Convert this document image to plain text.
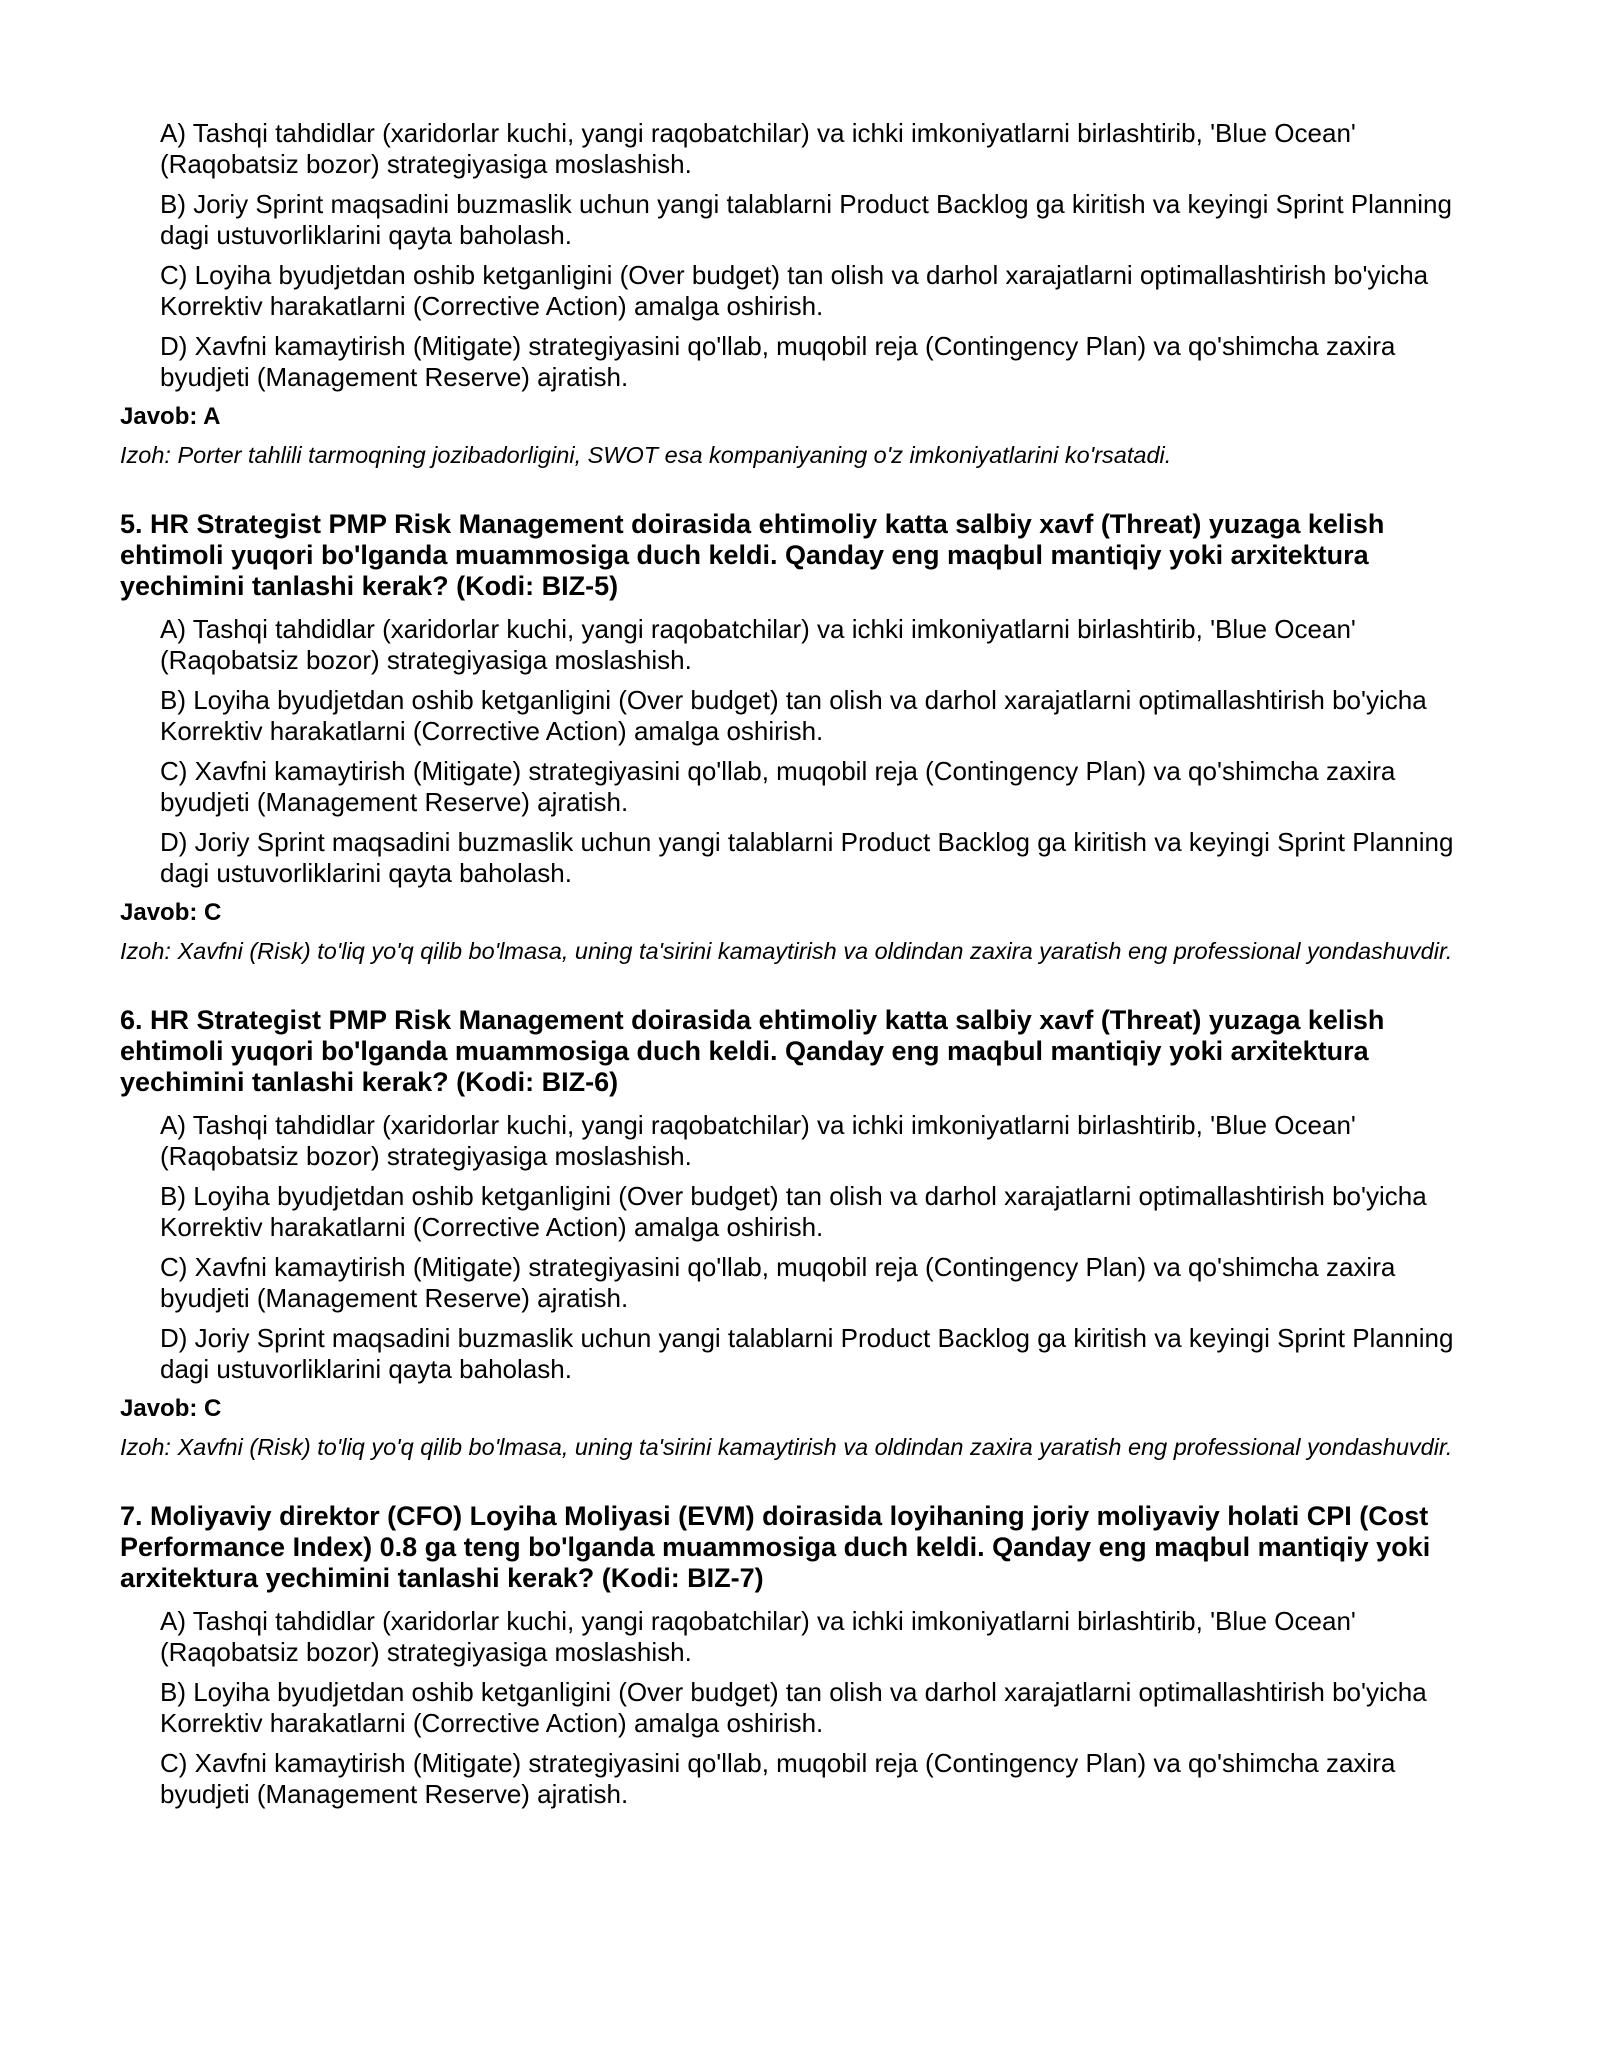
A) Tashqi tahdidlar (xaridorlar kuchi, yangi raqobatchilar) va ichki imkoniyatlarni birlashtirib, 'Blue Ocean' (Raqobatsiz bozor) strategiyasiga moslashish.

B) Joriy Sprint maqsadini buzmaslik uchun yangi talablarni Product Backlog ga kiritish va keyingi Sprint Planning dagi ustuvorliklarini qayta baholash.

C) Loyiha byudjetdan oshib ketganligini (Over budget) tan olish va darhol xarajatlarni optimallashtirish bo'yicha Korrektiv harakatlarni (Corrective Action) amalga oshirish.

D) Xavfni kamaytirish (Mitigate) strategiyasini qo'llab, muqobil reja (Contingency Plan) va qo'shimcha zaxira byudjeti (Management Reserve) ajratish.

Javob: A

Izoh: Porter tahlili tarmoqning jozibadorligini, SWOT esa kompaniyaning o'z imkoniyatlarini ko'rsatadi.

5. HR Strategist PMP Risk Management doirasida ehtimoliy katta salbiy xavf (Threat) yuzaga kelish ehtimoli yuqori bo'lganda muammosiga duch keldi. Qanday eng maqbul mantiqiy yoki arxitektura yechimini tanlashi kerak? (Kodi: BIZ-5)

A) Tashqi tahdidlar (xaridorlar kuchi, yangi raqobatchilar) va ichki imkoniyatlarni birlashtirib, 'Blue Ocean' (Raqobatsiz bozor) strategiyasiga moslashish.

B) Loyiha byudjetdan oshib ketganligini (Over budget) tan olish va darhol xarajatlarni optimallashtirish bo'yicha Korrektiv harakatlarni (Corrective Action) amalga oshirish.

C) Xavfni kamaytirish (Mitigate) strategiyasini qo'llab, muqobil reja (Contingency Plan) va qo'shimcha zaxira byudjeti (Management Reserve) ajratish.

D) Joriy Sprint maqsadini buzmaslik uchun yangi talablarni Product Backlog ga kiritish va keyingi Sprint Planning dagi ustuvorliklarini qayta baholash.

Javob: C

Izoh: Xavfni (Risk) to'liq yo'q qilib bo'lmasa, uning ta'sirini kamaytirish va oldindan zaxira yaratish eng professional yondashuvdir.

6. HR Strategist PMP Risk Management doirasida ehtimoliy katta salbiy xavf (Threat) yuzaga kelish ehtimoli yuqori bo'lganda muammosiga duch keldi. Qanday eng maqbul mantiqiy yoki arxitektura yechimini tanlashi kerak? (Kodi: BIZ-6)

A) Tashqi tahdidlar (xaridorlar kuchi, yangi raqobatchilar) va ichki imkoniyatlarni birlashtirib, 'Blue Ocean' (Raqobatsiz bozor) strategiyasiga moslashish.

B) Loyiha byudjetdan oshib ketganligini (Over budget) tan olish va darhol xarajatlarni optimallashtirish bo'yicha Korrektiv harakatlarni (Corrective Action) amalga oshirish.

C) Xavfni kamaytirish (Mitigate) strategiyasini qo'llab, muqobil reja (Contingency Plan) va qo'shimcha zaxira byudjeti (Management Reserve) ajratish.

D) Joriy Sprint maqsadini buzmaslik uchun yangi talablarni Product Backlog ga kiritish va keyingi Sprint Planning dagi ustuvorliklarini qayta baholash.

Javob: C

Izoh: Xavfni (Risk) to'liq yo'q qilib bo'lmasa, uning ta'sirini kamaytirish va oldindan zaxira yaratish eng professional yondashuvdir.

7. Moliyaviy direktor (CFO) Loyiha Moliyasi (EVM) doirasida loyihaning joriy moliyaviy holati CPI (Cost Performance Index) 0.8 ga teng bo'lganda muammosiga duch keldi. Qanday eng maqbul mantiqiy yoki arxitektura yechimini tanlashi kerak? (Kodi: BIZ-7)

A) Tashqi tahdidlar (xaridorlar kuchi, yangi raqobatchilar) va ichki imkoniyatlarni birlashtirib, 'Blue Ocean' (Raqobatsiz bozor) strategiyasiga moslashish.

B) Loyiha byudjetdan oshib ketganligini (Over budget) tan olish va darhol xarajatlarni optimallashtirish bo'yicha Korrektiv harakatlarni (Corrective Action) amalga oshirish.

C) Xavfni kamaytirish (Mitigate) strategiyasini qo'llab, muqobil reja (Contingency Plan) va qo'shimcha zaxira byudjeti (Management Reserve) ajratish.
